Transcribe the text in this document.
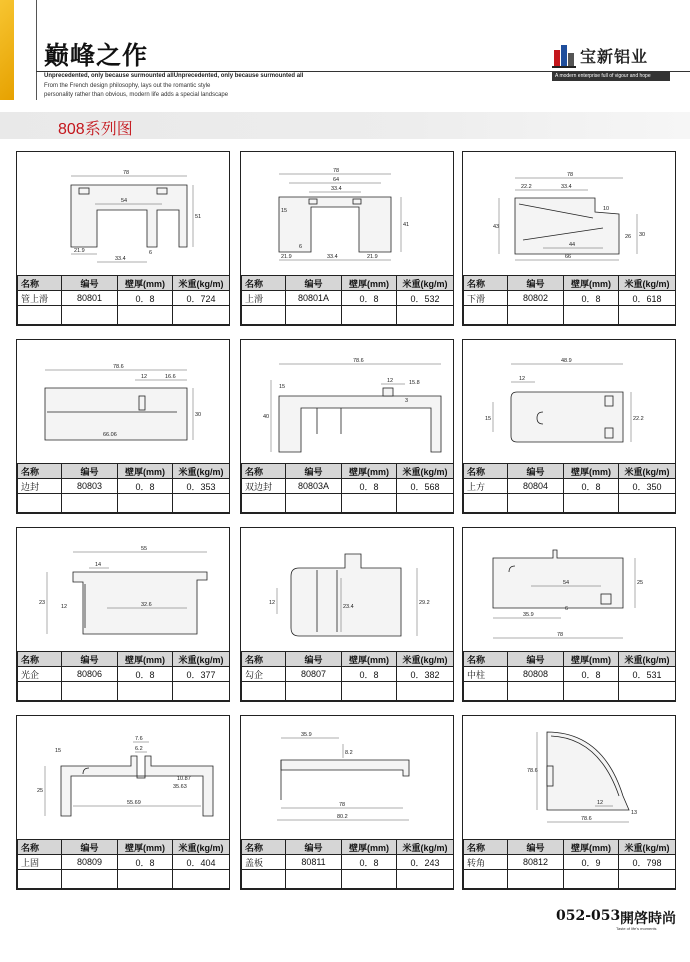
巅峰之作
Unprecedented, only because surmounted allUnprecedented, only because surmounted all
From the French design philosophy, lays out the romantic style
personality rather than obvious, modern life adds a special landscape
宝新铝业
A modern enterprise full of vigour and hope
808系列图
78
54
51
21.9
33.4
6
名称	编号	壁厚(mm)	米重(kg/m)
管上滑	80801	0．8	0．724

78
64
33.4
41
15
6
21.9	33.4	21.9
名称	编号	壁厚(mm)	米重(kg/m)
上滑	80801A	0．8	0．532

78
22.2	33.4
10
43
26 30
44
66
名称	编号	壁厚(mm)	米重(kg/m)
下滑	80802	0．8	0．618

78.6
12	16.6
30
66.06
名称	编号	壁厚(mm)	米重(kg/m)
边封	80803	0．8	0．353

78.6
12	15.8
15
40
3
名称	编号	壁厚(mm)	米重(kg/m)
双边封	80803A	0．8	0．568

48.9
12
22.2
15
名称	编号	壁厚(mm)	米重(kg/m)
上方	80804	0．8	0．350

55
14
23
12	32.6
名称	编号	壁厚(mm)	米重(kg/m)
光企	80806	0．8	0．377

12
23.4
29.2
名称	编号	壁厚(mm)	米重(kg/m)
勾企	80807	0．8	0．382

54	25
35.9
6
78
名称	编号	壁厚(mm)	米重(kg/m)
中柱	80808	0．8	0．531

7.6
6.2
25
15
55.69
10.87
35.63
名称	编号	壁厚(mm)	米重(kg/m)
上固	80809	0．8	0．404

35.9
8.2
78
80.2
名称	编号	壁厚(mm)	米重(kg/m)
盖板	80811	0．8	0．243

78.6
12
13
78.6
名称	编号	壁厚(mm)	米重(kg/m)
转角	80812	0．9	0．798

052-053 開啓時尚
Taste of life's moments
